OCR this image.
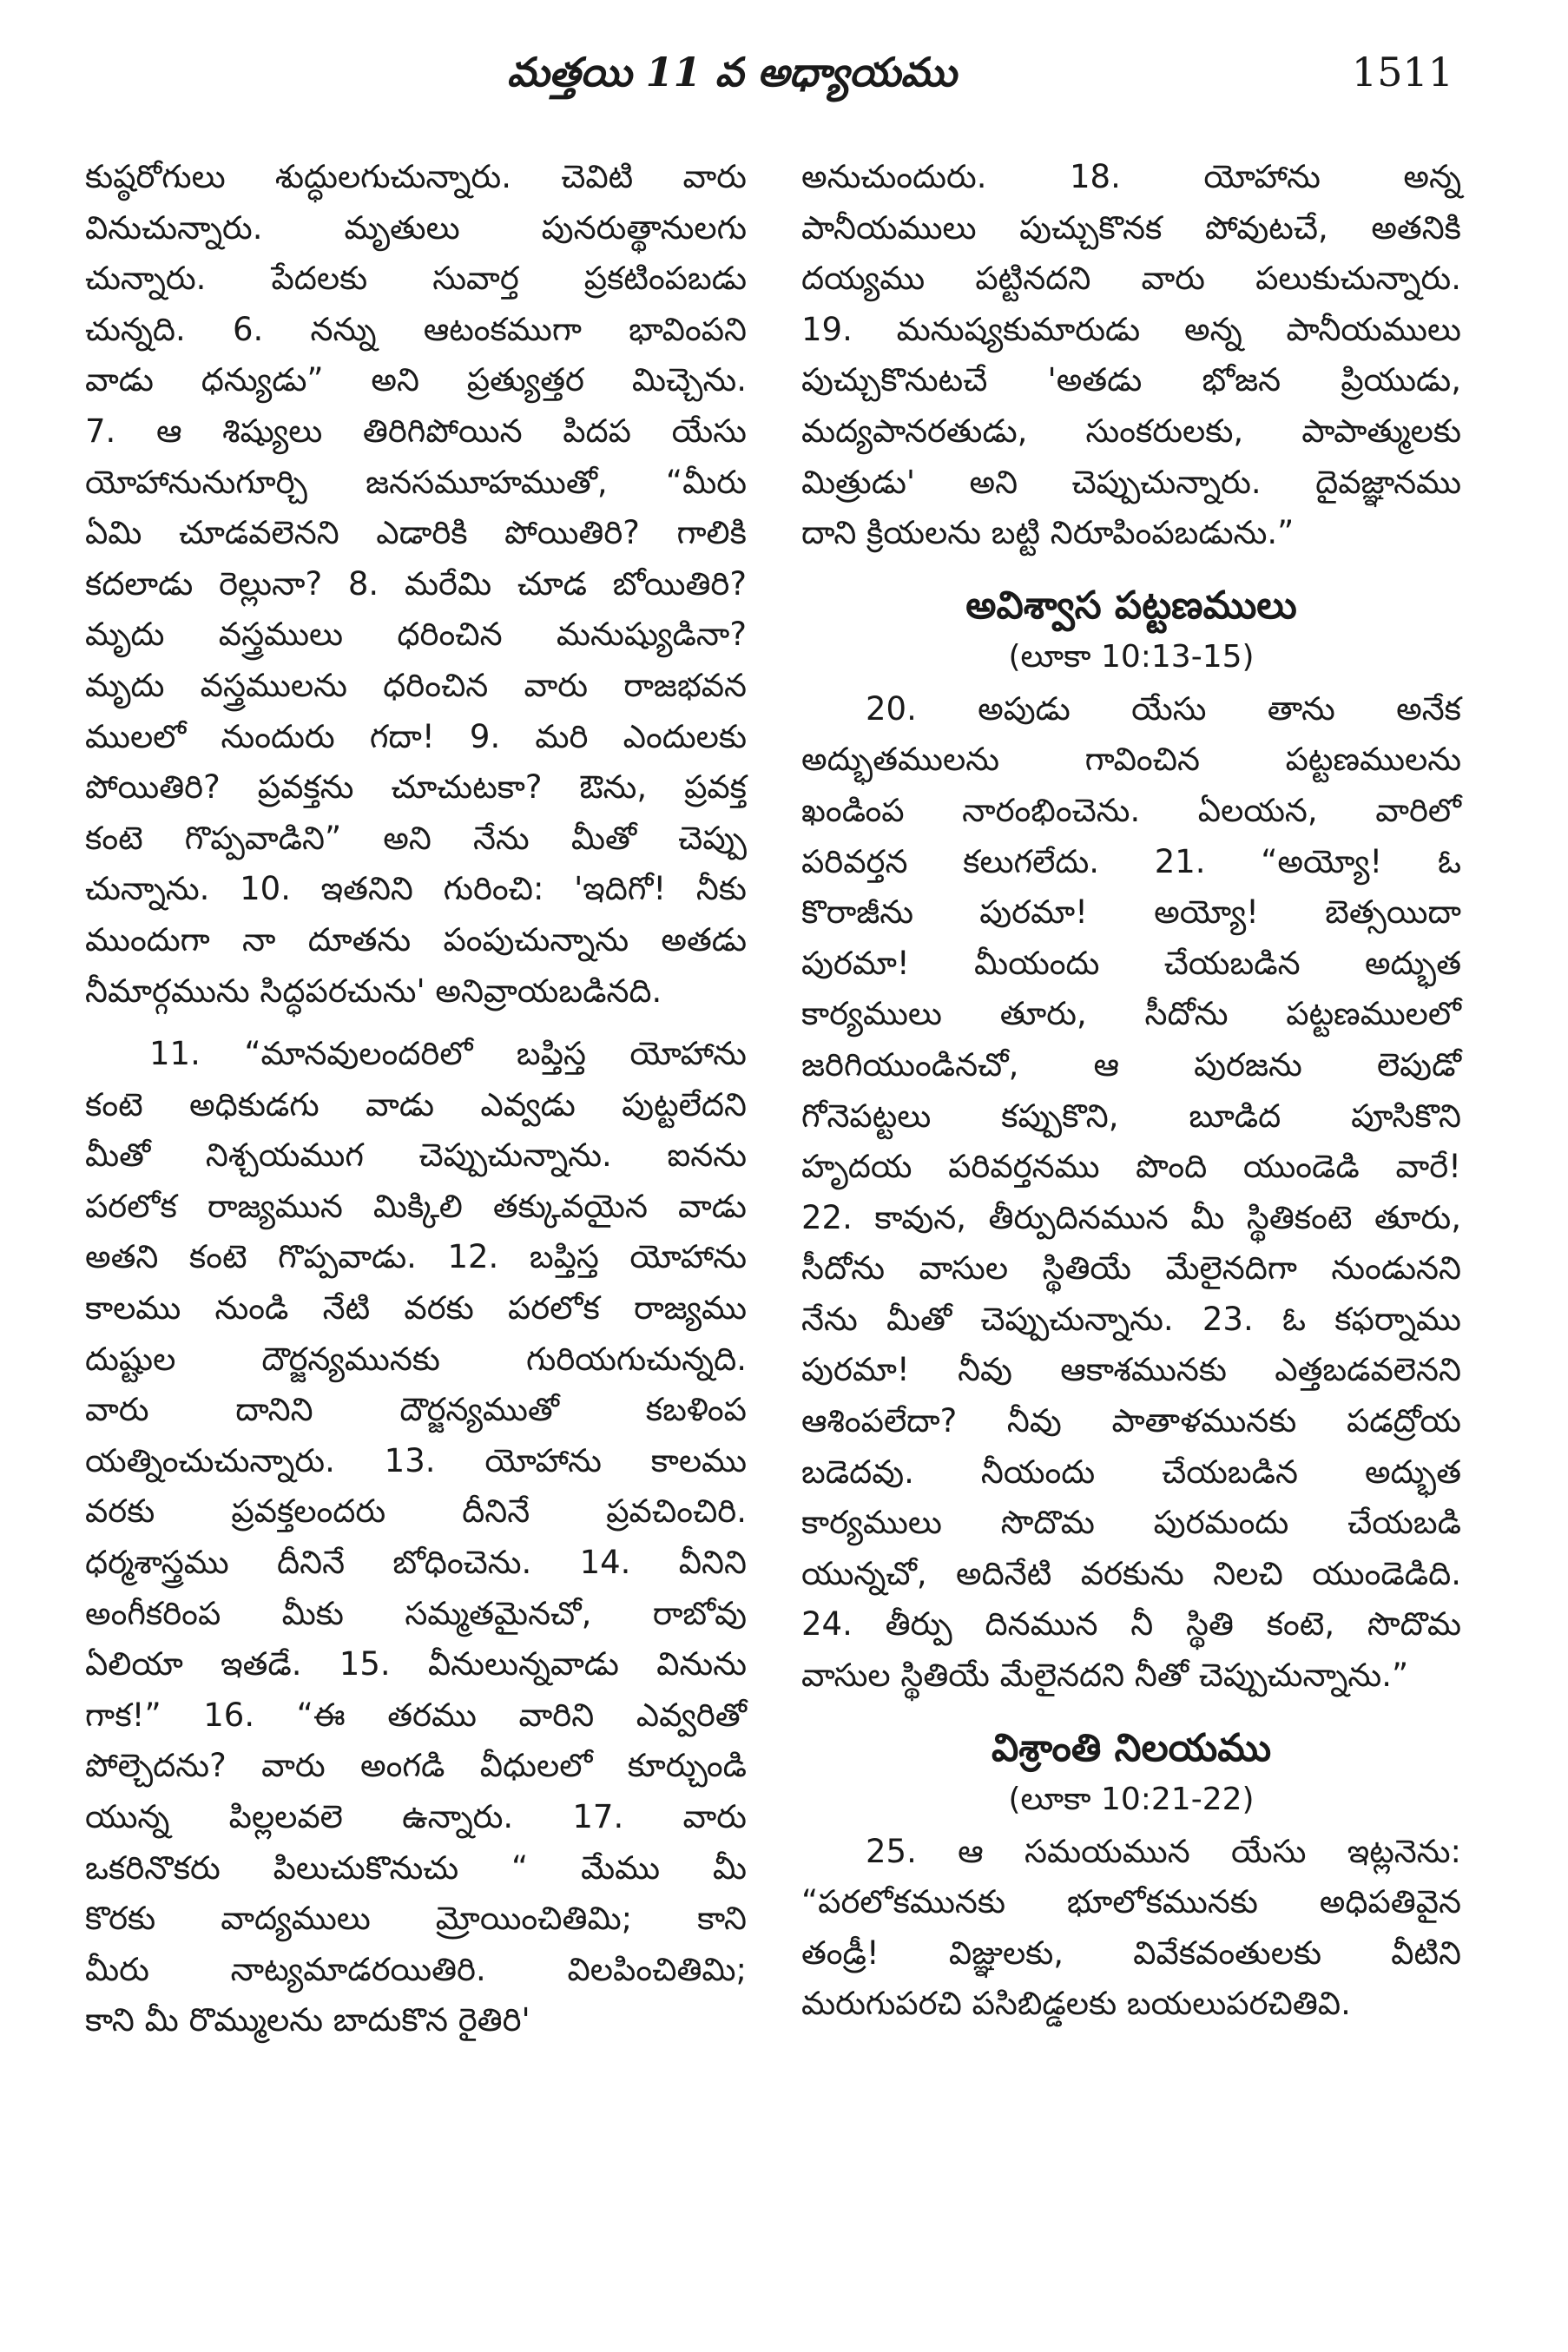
మత్తయి 11 వ అధ్యాయము	1511

కుష్ఠరోగులు శుద్ధులగుచున్నారు. చెవిటి వారు

వినుచున్నారు. మృతులు పునరుత్థానులగు

చున్నారు. పేదలకు సువార్త ప్రకటింపబడు

చున్నది. 6. నన్ను ఆటంకముగా భావింపని

వాడు ధన్యుడు” అని ప్రత్యుత్తర మిచ్చెను.

7. ఆ శిష్యులు తిరిగిపోయిన పిదప యేసు

యోహానునుగూర్చి జనసమూహముతో, “మీరు

ఏమి చూడవలెనని ఎడారికి పోయితిరి? గాలికి

కదలాడు రెల్లునా? 8. మరేమి చూడ బోయితిరి?

మృదు వస్త్రములు ధరించిన మనుష్యుడినా?

మృదు వస్త్రములను ధరించిన వారు రాజభవన

ములలో నుందురు గదా! 9. మరి ఎందులకు

పోయితిరి? ప్రవక్తను చూచుటకా? ఔను, ప్రవక్త

కంటె గొప్పవాడిని” అని నేను మీతో చెప్పు

చున్నాను. 10. ఇతనిని గురించి: 'ఇదిగో! నీకు

ముందుగా నా దూతను పంపుచున్నాను అతడు

నీమార్గమును సిద్ధపరచును' అనివ్రాయబడినది.

11. “మానవులందరిలో బప్తిస్త యోహాను

కంటె అధికుడగు వాడు ఎవ్వడు పుట్టలేదని

మీతో నిశ్చయముగ చెప్పుచున్నాను. ఐనను

పరలోక రాజ్యమున మిక్కిలి తక్కువయైన వాడు

అతని కంటె గొప్పవాడు. 12. బప్తిస్త యోహాను

కాలము నుండి నేటి వరకు పరలోక రాజ్యము

దుష్టుల దౌర్జన్యమునకు గురియగుచున్నది.

వారు దానిని దౌర్జన్యముతో కబళింప

యత్నించుచున్నారు. 13. యోహాను కాలము

వరకు ప్రవక్తలందరు దీనినే ప్రవచించిరి.

ధర్మశాస్త్రము దీనినే బోధించెను. 14. వీనిని

అంగీకరింప మీకు సమ్మతమైనచో, రాబోవు

ఏలియా ఇతడే. 15. వీనులున్నవాడు వినును

గాక!” 16. “ఈ తరము వారిని ఎవ్వరితో

పోల్చెదను? వారు అంగడి వీధులలో కూర్చుండి

యున్న పిల్లలవలె ఉన్నారు. 17. వారు

ఒకరినొకరు పిలుచుకొనుచు “ మేము మీ

కొరకు వాద్యములు మ్రోయించితిమి; కాని

మీరు నాట్యమాడరయితిరి. విలపించితిమి;

కాని మీ రొమ్ములను బాదుకొన రైతిరి'

అనుచుందురు. 18. యోహాను అన్న

పానీయములు పుచ్చుకొనక పోవుటచే, అతనికి

దయ్యము పట్టినదని వారు పలుకుచున్నారు.

19. మనుష్యకుమారుడు అన్న పానీయములు

పుచ్చుకొనుటచే 'అతడు భోజన ప్రియుడు,

మద్యపానరతుడు, సుంకరులకు, పాపాత్ములకు

మిత్రుడు' అని చెప్పుచున్నారు. దైవజ్ఞానము

దాని క్రియలను బట్టి నిరూపింపబడును.”

అవిశ్వాస పట్టణములు
(లూకా 10:13-15)

20. అపుడు యేసు తాను అనేక

అద్భుతములను గావించిన పట్టణములను

ఖండింప నారంభించెను. ఏలయన, వారిలో

పరివర్తన కలుగలేదు. 21. “అయ్యో! ఓ

కొరాజీను పురమా! అయ్యో! బెత్సయిదా

పురమా! మీయందు చేయబడిన అద్భుత

కార్యములు తూరు, సీదోను పట్టణములలో

జరిగియుండినచో, ఆ పురజను లెపుడో

గోనెపట్టలు కప్పుకొని, బూడిద పూసికొని

హృదయ పరివర్తనము పొంది యుండెడి వారే!

22. కావున, తీర్పుదినమున మీ స్థితికంటె తూరు,

సీదోను వాసుల స్థితియే మేలైనదిగా నుండునని

నేను మీతో చెప్పుచున్నాను. 23. ఓ కఫర్నాము

పురమా! నీవు ఆకాశమునకు ఎత్తబడవలెనని

ఆశింపలేదా? నీవు పాతాళమునకు పడద్రోయ

బడెదవు. నీయందు చేయబడిన అద్భుత

కార్యములు సొదొమ పురమందు చేయబడి

యున్నచో, అదినేటి వరకును నిలచి యుండెడిది.

24. తీర్పు దినమున నీ స్థితి కంటె, సొదొమ

వాసుల స్థితియే మేలైనదని నీతో చెప్పుచున్నాను.”

విశ్రాంతి నిలయము
(లూకా 10:21-22)

25. ఆ సమయమున యేసు ఇట్లనెను:

“పరలోకమునకు భూలోకమునకు అధిపతివైన

తండ్రీ! విజ్ఞులకు, వివేకవంతులకు వీటిని

మరుగుపరచి పసిబిడ్డలకు బయలుపరచితివి.
